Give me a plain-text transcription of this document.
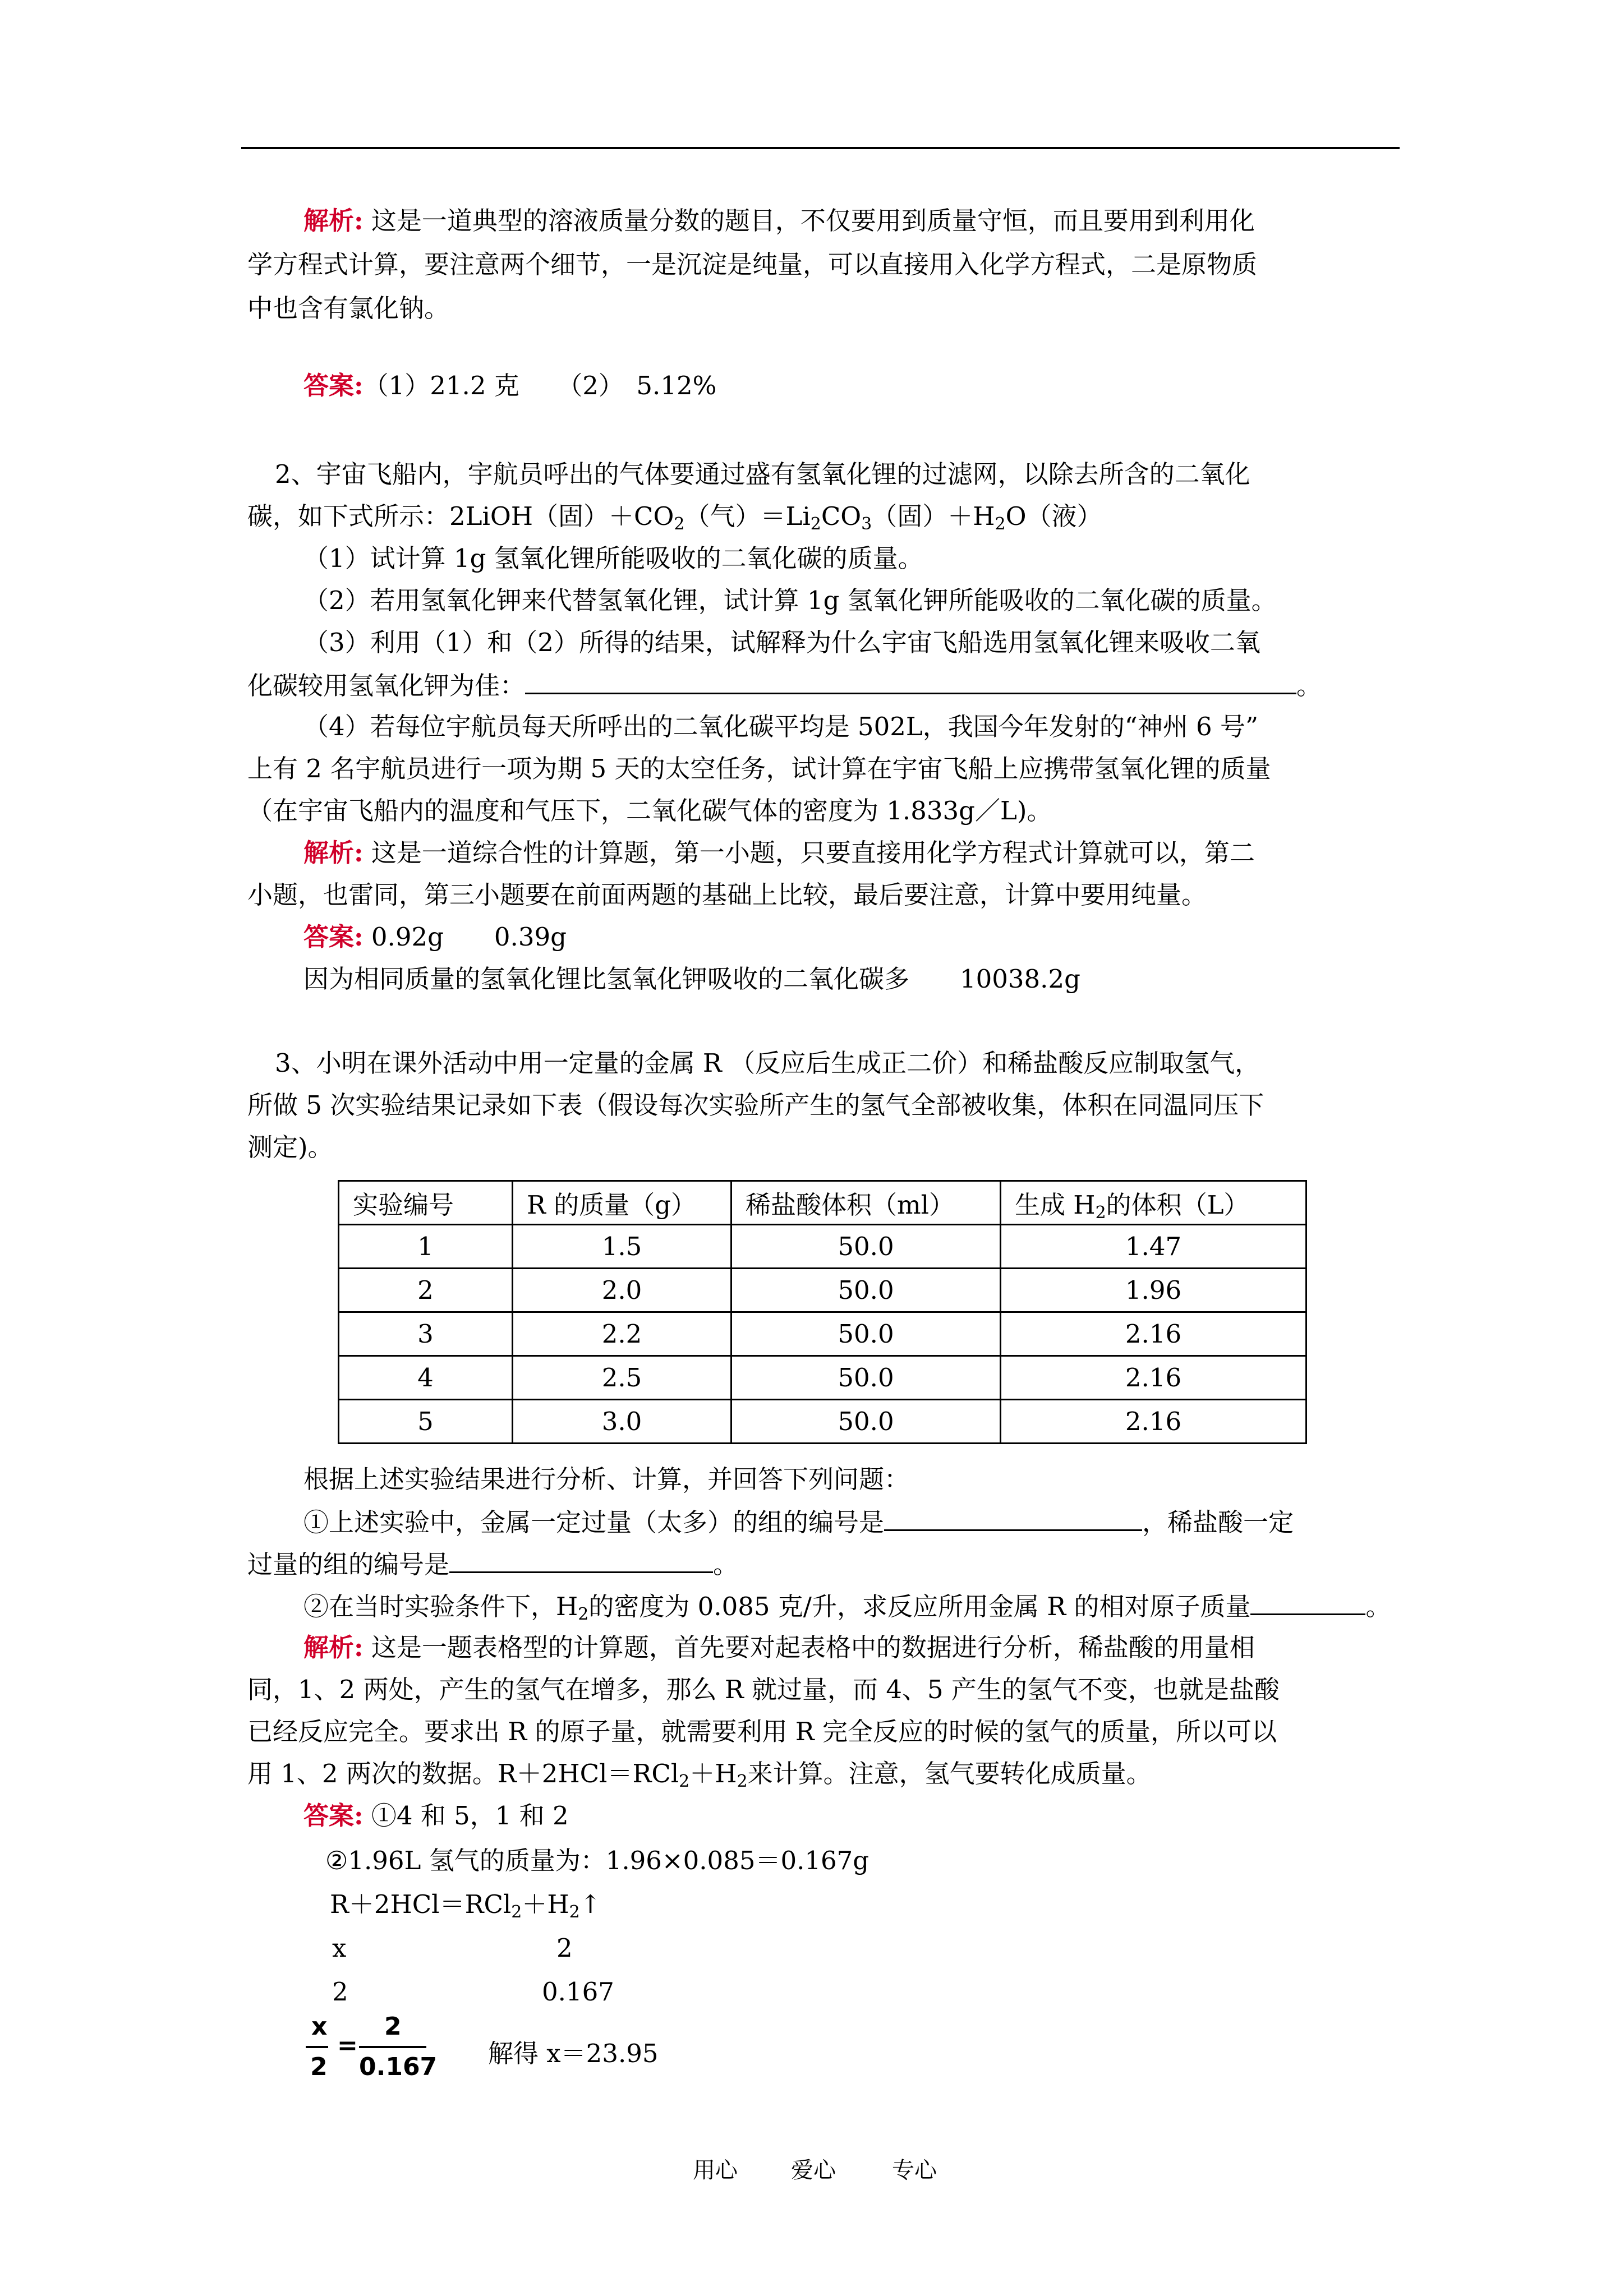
解析: 这是一道典型的溶液质量分数的题目，不仅要用到质量守恒，而且要用到利用化
学方程式计算，要注意两个细节，一是沉淀是纯量，可以直接用入化学方程式，二是原物质
中也含有氯化钠。
答案:（1）21.2 克　　（2）　5.12%
2、宇宙飞船内，宇航员呼出的气体要通过盛有氢氧化锂的过滤网，以除去所含的二氧化
碳，如下式所示：2LiOH（固）$+CO_2$（气）$=Li_2CO_3$（固）$+H_2O$（液）
（1）试计算 1g 氢氧化锂所能吸收的二氧化碳的质量。
（2）若用氢氧化钾来代替氢氧化锂，试计算 1g 氢氧化钾所能吸收的二氧化碳的质量。
（3）利用（1）和（2）所得的结果，试解释为什么宇宙飞船选用氢氧化锂来吸收二氧
化碳较用氢氧化钾为佳：	。
（4）若每位宇航员每天所呼出的二氧化碳平均是 502L，我国今年发射的“神州 6 号”
上有 2 名宇航员进行一项为期 5 天的太空任务，试计算在宇宙飞船上应携带氢氧化锂的质量
（在宇宙飞船内的温度和气压下，二氧化碳气体的密度为 1.833g／L)。
解析: 这是一道综合性的计算题，第一小题，只要直接用化学方程式计算就可以，第二
小题，也雷同，第三小题要在前面两题的基础上比较，最后要注意，计算中要用纯量。
答案: 0.92g　　0.39g
因为相同质量的氢氧化锂比氢氧化钾吸收的二氧化碳多　　10038.2g
3、小明在课外活动中用一定量的金属 R （反应后生成正二价）和稀盐酸反应制取氢气，
所做 5 次实验结果记录如下表（假设每次实验所产生的氢气全部被收集，体积在同温同压下
测定)。
实验编号	R 的质量（g）	稀盐酸体积（ml）	生成 $H_2$的体积（L）
1	1.5	50.0	1.47
2	2.0	50.0	1.96
3	2.2	50.0	2.16
4	2.5	50.0	2.16
5	3.0	50.0	2.16
根据上述实验结果进行分析、计算，并回答下列问题：
①上述实验中，金属一定过量（太多）的组的编号是	，稀盐酸一定
过量的组的编号是	。
②在当时实验条件下，$H_2$的密度为 0.085 克/升，求反应所用金属 R 的相对原子质量	。
解析: 这是一题表格型的计算题，首先要对起表格中的数据进行分析，稀盐酸的用量相
同，1、2 两处，产生的氢气在增多，那么 R 就过量，而 4、5 产生的氢气不变，也就是盐酸
已经反应完全。要求出 R 的原子量，就需要利用 R 完全反应的时候的氢气的质量，所以可以
用 1、2 两次的数据。$R+2HCl=RCl_2+H_2$来计算。注意，氢气要转化成质量。
答案: ①4 和 5，1 和 2
②1.96L 氢气的质量为：1.96×0.085＝0.167g
$R+2HCl=RCl_2+H_2↑$
x	2
2	0.167
x
2
=
2
0.167 解得 x＝23.95
用心 爱心	专心
